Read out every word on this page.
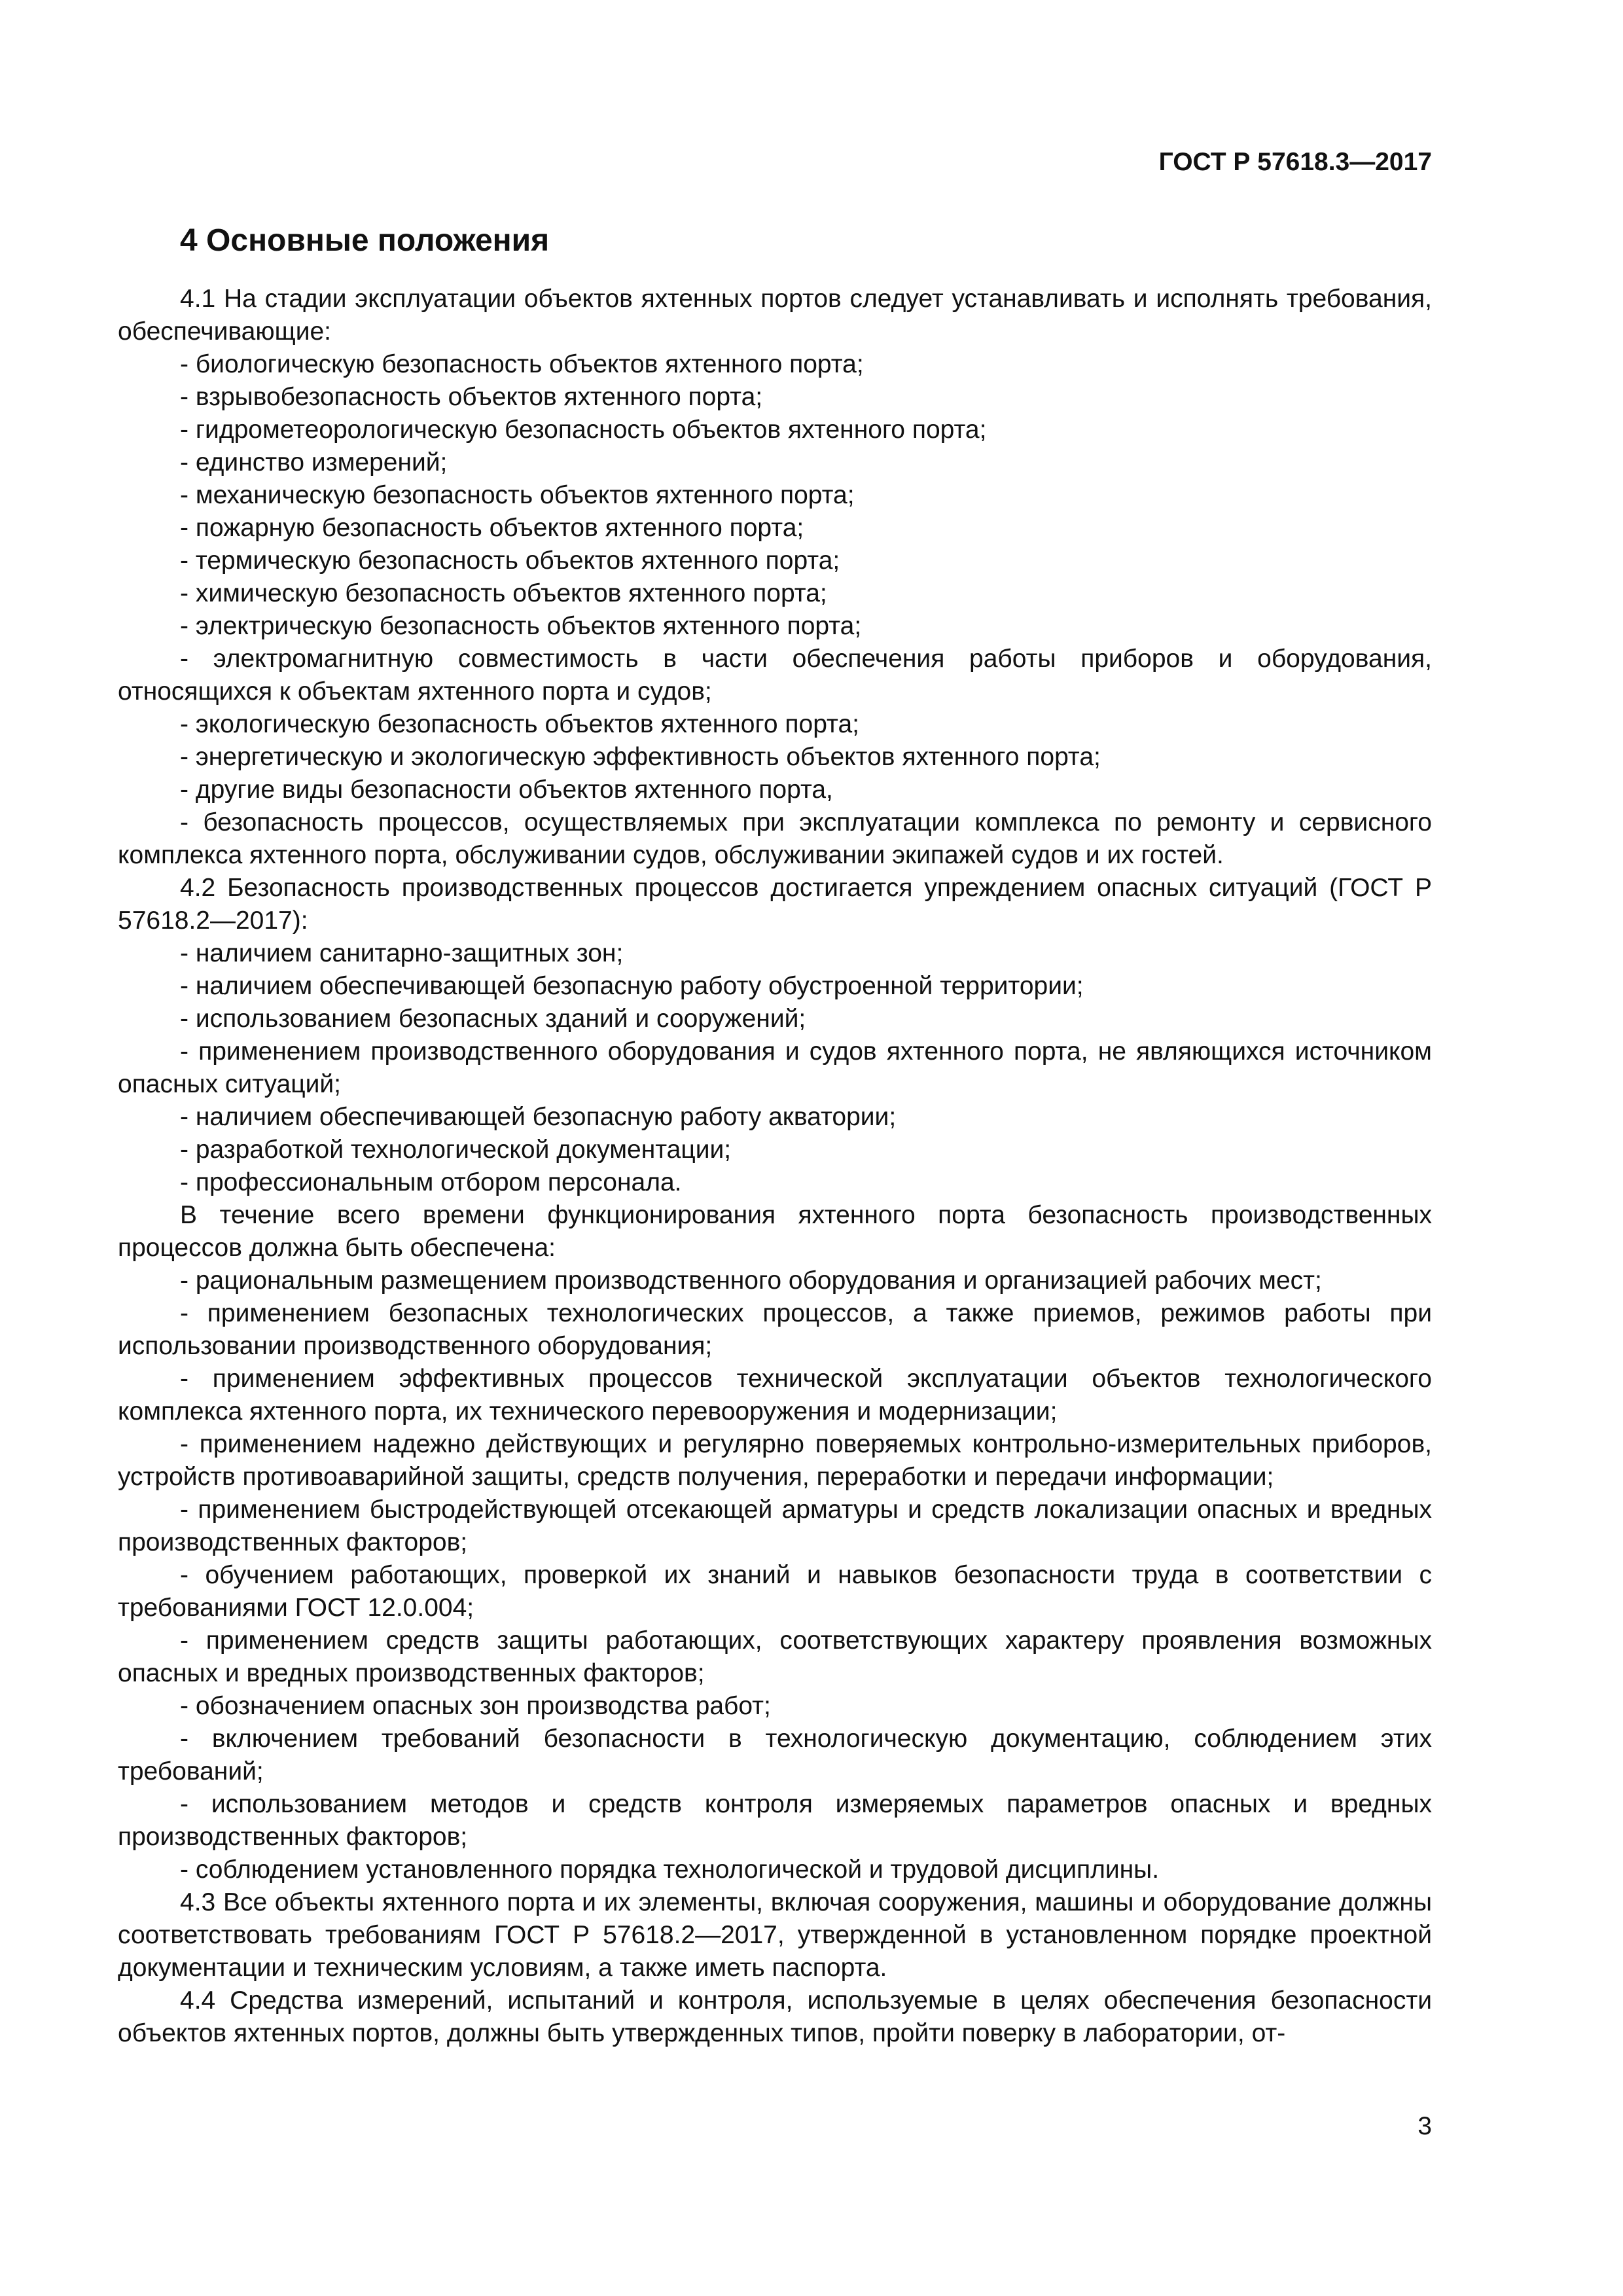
ГОСТ Р 57618.3—2017
4 Основные положения

4.1 На стадии эксплуатации объектов яхтенных портов следует устанавливать и исполнять требования, обеспечивающие:

- биологическую безопасность объектов яхтенного порта;

- взрывобезопасность объектов яхтенного порта;

- гидрометеорологическую безопасность объектов яхтенного порта;

- единство измерений;

- механическую безопасность объектов яхтенного порта;

- пожарную безопасность объектов яхтенного порта;

- термическую безопасность объектов яхтенного порта;

- химическую безопасность объектов яхтенного порта;

- электрическую безопасность объектов яхтенного порта;

- электромагнитную совместимость в части обеспечения работы приборов и оборудования, относящихся к объектам яхтенного порта и судов;

- экологическую безопасность объектов яхтенного порта;

- энергетическую и экологическую эффективность объектов яхтенного порта;

- другие виды безопасности объектов яхтенного порта,

- безопасность процессов, осуществляемых при эксплуатации комплекса по ремонту и сервисного комплекса яхтенного порта, обслуживании судов, обслуживании экипажей судов и их гостей.

4.2 Безопасность производственных процессов достигается упреждением опасных ситуаций (ГОСТ Р 57618.2—2017):

- наличием санитарно-защитных зон;

- наличием обеспечивающей безопасную работу обустроенной территории;

- использованием безопасных зданий и сооружений;

- применением производственного оборудования и судов яхтенного порта, не являющихся источником опасных ситуаций;

- наличием обеспечивающей безопасную работу акватории;

- разработкой технологической документации;

- профессиональным отбором персонала.

В течение всего времени функционирования яхтенного порта безопасность производственных процессов должна быть обеспечена:

- рациональным размещением производственного оборудования и организацией рабочих мест;

- применением безопасных технологических процессов, а также приемов, режимов работы при использовании производственного оборудования;

- применением эффективных процессов технической эксплуатации объектов технологического комплекса яхтенного порта, их технического перевооружения и модернизации;

- применением надежно действующих и регулярно поверяемых контрольно-измерительных приборов, устройств противоаварийной защиты, средств получения, переработки и передачи информации;

- применением быстродействующей отсекающей арматуры и средств локализации опасных и вредных производственных факторов;

- обучением работающих, проверкой их знаний и навыков безопасности труда в соответствии с требованиями ГОСТ 12.0.004;

- применением средств защиты работающих, соответствующих характеру проявления возможных опасных и вредных производственных факторов;

- обозначением опасных зон производства работ;

- включением требований безопасности в технологическую документацию, соблюдением этих требований;

- использованием методов и средств контроля измеряемых параметров опасных и вредных производственных факторов;

- соблюдением установленного порядка технологической и трудовой дисциплины.

4.3 Все объекты яхтенного порта и их элементы, включая сооружения, машины и оборудование должны соответствовать требованиям ГОСТ Р 57618.2—2017, утвержденной в установленном порядке проектной документации и техническим условиям, а также иметь паспорта.

4.4 Средства измерений, испытаний и контроля, используемые в целях обеспечения безопасности объектов яхтенных портов, должны быть утвержденных типов, пройти поверку в лаборатории, от-

3
